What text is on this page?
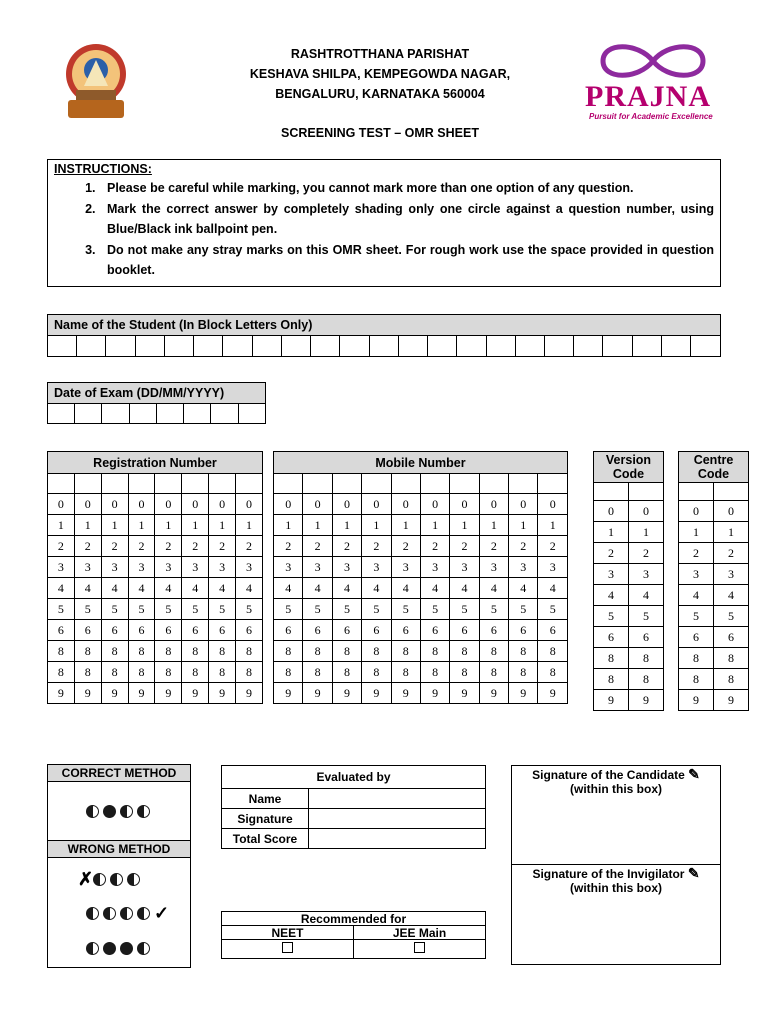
RASHTROTTHANA PARISHAT
KESHAVA SHILPA, KEMPEGOWDA NAGAR,
BENGALURU, KARNATAKA 560004
SCREENING TEST – OMR SHEET
PRAJNA
Pursuit for Academic Excellence
INSTRUCTIONS:
1. Please be careful while marking, you cannot mark more than one option of any question.
2. Mark the correct answer by completely shading only one circle against a question number, using Blue/Black ink ballpoint pen.
3. Do not make any stray marks on this OMR sheet. For rough work use the space provided in question booklet.
Name of the Student (In Block Letters Only)

Date of Exam (DD/MM/YYYY)

Registration Number							

0	0	0	0	0	0	0	0
1	1	1	1	1	1	1	1
2	2	2	2	2	2	2	2
3	3	3	3	3	3	3	3
4	4	4	4	4	4	4	4
5	5	5	5	5	5	5	5
6	6	6	6	6	6	6	6
8	8	8	8	8	8	8	8
8	8	8	8	8	8	8	8
9	9	9	9	9	9	9	9
Mobile Number									

0	0	0	0	0	0	0	0	0	0
1	1	1	1	1	1	1	1	1	1
2	2	2	2	2	2	2	2	2	2
3	3	3	3	3	3	3	3	3	3
4	4	4	4	4	4	4	4	4	4
5	5	5	5	5	5	5	5	5	5
6	6	6	6	6	6	6	6	6	6
8	8	8	8	8	8	8	8	8	8
8	8	8	8	8	8	8	8	8	8
9	9	9	9	9	9	9	9	9	9
Version
Code	

0	0
1	1
2	2
3	3
4	4
5	5
6	6
8	8
8	8
9	9
Centre
Code	

0	0
1	1
2	2
3	3
4	4
5	5
6	6
8	8
8	8
9	9
CORRECT METHOD
WRONG METHOD
✗
✓
Evaluated by	
Name	
Signature	
Total Score	
Recommended for	
NEET	JEE Main

Signature of the Candidate ✎
(within this box)
Signature of the Invigilator ✎
(within this box)
